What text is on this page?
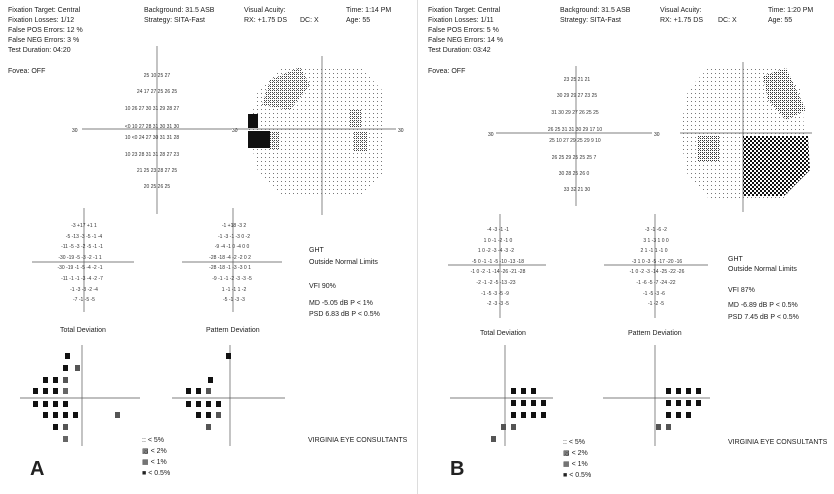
Fixation Target: Central
Fixation Losses: 1/12
False POS Errors: 12 %
False NEG Errors: 3 %
Test Duration: 04:20
Fovea: OFF
Background: 31.5 ASB
Strategy: SITA-Fast
Visual Acuity:
RX: +1.75 DS DC: X
Time: 1:14 PM
Age: 55
30	30	30
25 10 25 27
24 17 27 25 26 25
10 26 27 30 31 29 28 27
<0 10 27 28 31 30 31 30
10 <0 24 27 30 31 31 28
10 23 28 31 31 28 27 23
21 25 23 28 27 25
20 25 26 25
-3 +17 +1 1
-5 -13 -3 -5 -1 -4
-11 -5 -3 -2 -5 -1 -1
-30 -19 -5 -3 -2 -1 1
-30 -19 -1 -5 -4 -2 -1
-11 -1 -1 -3 -4 -2 -7
-1 -3 -3 -2 -4
-7 -1 -5 -5
-1 +18 -3 2
-1 -3 -1 -3 0 -2
-9 -4 -1 0 -4 0 0
-28 -18 -4 -2 -2 0 2
-28 -18 -1 -3 -3 0 1
-9 -1 -1 -2 -3 -3 -5
1 -1 -1 1 -2
-5 -1 -3 -3
GHT
Outside Normal Limits
VFI 90%
MD -5.05 dB P < 1%
PSD 6.83 dB P < 0.5%
Total Deviation	Pattern Deviation
:: < 5%
▩ < 2%
▦ < 1%
■ < 0.5%
VIRGINIA EYE CONSULTANTS
A
Fixation Target: Central
Fixation Losses: 1/11
False POS Errors: 5 %
False NEG Errors: 14 %
Test Duration: 03:42
Fovea: OFF
Background: 31.5 ASB
Strategy: SITA-Fast
Visual Acuity:
RX: +1.75 DS DC: X
Time: 1:20 PM
Age: 55
30	30
23 25 21 21
30 29 29 27 23 25
31 30 29 27 26 25 25
26 25 31 31 30 29 17 10
25 10 27 29 25 29 9 10
26 25 29 25 25 25 7
30 28 25 26 0
33 32 21 30
-4 -3 -1 -1
1 0 -1 -2 -1 0
1 0 -2 -3 -4 -3 -2
-5 0 -1 -1 -5 -10 -13 -18
-1 0 -2 -1 -14 -26 -21 -28
-2 -1 -2 -5 -13 -23
-1 -5 -3 -5 -9
-2 -3 -3 -5
-3 -1 -6 -2
3 1 -3 1 0 0
2 1 -1 1 -1 0
-3 1 0 -3 -5 -17 -20 -16
-1 0 -2 -3 -14 -25 -22 -26
-1 -6 -5 -7 -24 -22
-1 -5 -3 -6
-1 -2 -5
GHT
Outside Normal Limits
VFI 87%
MD -6.89 dB P < 0.5%
PSD 7.45 dB P < 0.5%
Total Deviation	Pattern Deviation
:: < 5%
▩ < 2%
▦ < 1%
■ < 0.5%
VIRGINIA EYE CONSULTANTS
B
